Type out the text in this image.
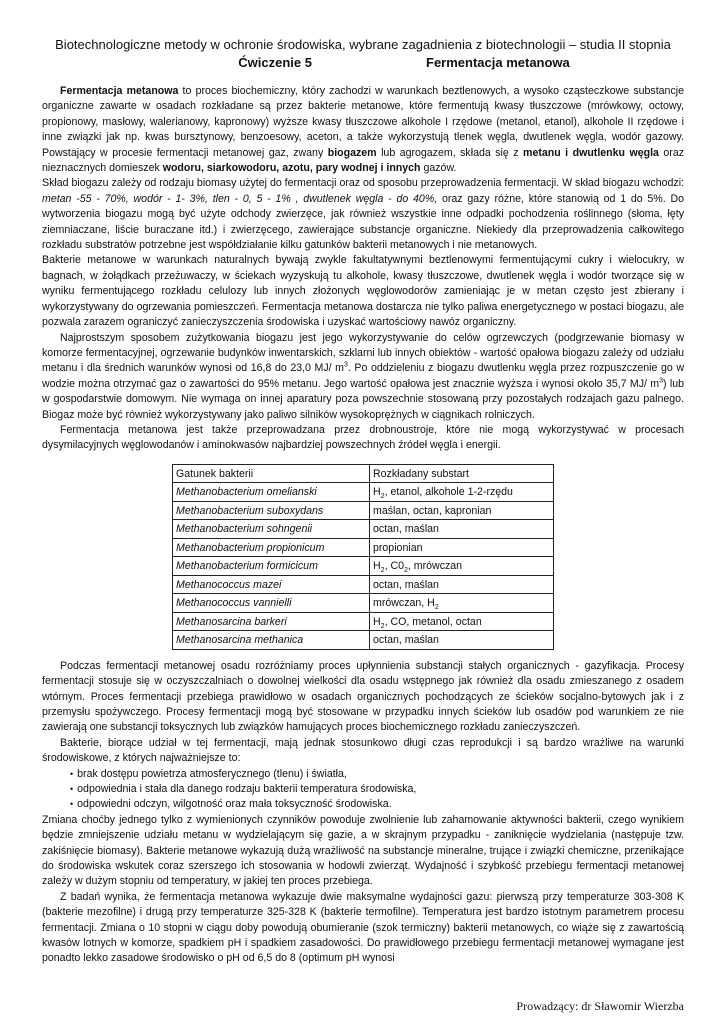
Biotechnologiczne metody w ochronie środowiska, wybrane zagadnienia z biotechnologii – studia II stopnia
Ćwiczenie 5	Fermentacja metanowa

Fermentacja metanowa to proces biochemiczny, który zachodzi w warunkach beztlenowych, a wysoko cząsteczkowe substancje organiczne zawarte w osadach rozkładane są przez bakterie metanowe, które fermentują kwasy tłuszczowe (mrówkowy, octowy, propionowy, masłowy, walerianowy, kapronowy) wyższe kwasy tłuszczowe alkohole I rzędowe (metanol, etanol), alkohole II rzędowe i inne związki jak np. kwas bursztynowy, benzoesowy, aceton, a także wykorzystują tlenek węgla, dwutlenek węgla, wodór gazowy. Powstający w procesie fermentacji metanowej gaz, zwany biogazem lub agrogazem, składa się z metanu i dwutlenku węgla oraz nieznacznych domieszek wodoru, siarkowodoru, azotu, pary wodnej i innych gazów.

Skład biogazu zależy od rodzaju biomasy użytej do fermentacji oraz od sposobu przeprowadzenia fermentacji. W skład biogazu wchodzi: metan -55 - 70%, wodór - 1- 3%, tlen - 0, 5 - 1% , dwutlenek węgla - do 40%, oraz gazy różne, które stanowią od 1 do 5%. Do wytworzenia biogazu mogą być użyte odchody zwierzęce, jak również wszystkie inne odpadki pochodzenia roślinnego (słoma, łęty ziemniaczane, liście buraczane itd.) i zwierzęcego, zawierające substancje organiczne. Niekiedy dla przeprowadzenia całkowitego rozkładu substratów potrzebne jest współdziałanie kilku gatunków bakterii metanowych i nie metanowych.

Bakterie metanowe w warunkach naturalnych bywają zwykle fakultatywnymi beztlenowymi fermentującymi cukry i wielocukry, w bagnach, w żołądkach przeżuwaczy, w ściekach wyzyskują tu alkohole, kwasy tłuszczowe, dwutlenek węgla i wodór tworzące się w wyniku fermentującego rozkładu celulozy lub innych złożonych węglowodorów zamieniając je w metan często jest zbierany i wykorzystywany do ogrzewania pomieszczeń. Fermentacja metanowa dostarcza nie tylko paliwa energetycznego w postaci biogazu, ale pozwala zarazem ograniczyć zanieczyszczenia środowiska i uzyskać wartościowy nawóz organiczny.

Najprostszym sposobem zużytkowania biogazu jest jego wykorzystywanie do celów ogrzewczych (podgrzewanie biomasy w komorze fermentacyjnej, ogrzewanie budynków inwentarskich, szklarni lub innych obiektów - wartość opałowa biogazu zależy od udziału metanu i dla średnich warunków wynosi od 16,8 do 23,0 MJ/ $m^3$. Po oddzieleniu z biogazu dwutlenku węgla przez rozpuszczenie go w wodzie można otrzymać gaz o zawartości do 95% metanu. Jego wartość opałowa jest znacznie wyższa i wynosi około 35,7 MJ/ $m^3$) lub w gospodarstwie domowym. Nie wymaga on innej aparatury poza powszechnie stosowaną przy pozostałych rodzajach gazu palnego. Biogaz może być również wykorzystywany jako paliwo silników wysokoprężnych w ciągnikach rolniczych.

Fermentacja metanowa jest także przeprowadzana przez drobnoustroje, które nie mogą wykorzystywać w procesach dysymilacyjnych węglowodanów i aminokwasów najbardziej powszechnych źródeł węgla i energii.

Gatunek bakterii	Rozkładany substart
Methanobacterium omelianski	$H_2$, etanol, alkohole 1-2-rzędu
Methanobacterium suboxydans	maślan, octan, kapronian
Methanobacterium sohngenii	octan, maślan
Methanobacterium propionicum	propionian
Methanobacterium formicicum	$H_2$, $C0_2$, mrówczan
Methanococcus mazei	octan, maślan
Methanococcus vannielli	mrówczan, $H_2$
Methanosarcina barkeri	$H_2$, CO, metanol, octan
Methanosarcina methanica	octan, maślan

Podczas fermentacji metanowej osadu rozróżniamy proces upłynnienia substancji stałych organicznych - gazyfikacja. Procesy fermentacji stosuje się w oczyszczalniach o dowolnej wielkości dla osadu wstępnego jak również dla osadu zmieszanego z osadem wtórnym. Proces fermentacji przebiega prawidłowo w osadach organicznych pochodzących ze ścieków socjalno-bytowych jak i z przemysłu spożywczego. Procesy fermentacji mogą być stosowane w przypadku innych ścieków lub osadów pod warunkiem ze nie zawierają one substancji toksycznych lub związków hamujących proces biochemicznego rozkładu zanieczyszczeń.

Bakterie, biorące udział w tej fermentacji, mają jednak stosunkowo długi czas reprodukcji i są bardzo wrażliwe na warunki środowiskowe, z których najważniejsze to:

• brak dostępu powietrza atmosferycznego (tlenu) i światła,
• odpowiednia i stała dla danego rodzaju bakterii temperatura środowiska,
• odpowiedni odczyn, wilgotność oraz mała toksyczność środowiska.

Zmiana choćby jednego tylko z wymienionych czynników powoduje zwolnienie lub zahamowanie aktywności bakterii, czego wynikiem będzie zmniejszenie udziału metanu w wydzielającym się gazie, a w skrajnym przypadku - zaniknięcie wydzielania (następuje tzw. zakiśnięcie biomasy). Bakterie metanowe wykazują dużą wrażliwość na substancje mineralne, trujące i związki chemiczne, przenikające do środowiska wskutek coraz szerszego ich stosowania w hodowli zwierząt. Wydajność i szybkość przebiegu fermentacji metanowej zależy w dużym stopniu od temperatury, w jakiej ten proces przebiega.

Z badań wynika, że fermentacja metanowa wykazuje dwie maksymalne wydajności gazu: pierwszą przy temperaturze 303-308 K (bakterie mezofilne) i drugą przy temperaturze 325-328 K (bakterie termofilne). Temperatura jest bardzo istotnym parametrem procesu fermentacji. Zmiana o 10 stopni w ciągu doby powodują obumieranie (szok termiczny) bakterii metanowych, co wiąże się z zawartością kwasów lotnych w komorze, spadkiem pH i spadkiem zasadowości. Do prawidłowego przebiegu fermentacji metanowej wymagane jest ponadto lekko zasadowe środowisko o pH od 6,5 do 8 (optimum pH wynosi

Prowadzący: dr Sławomir Wierzba
